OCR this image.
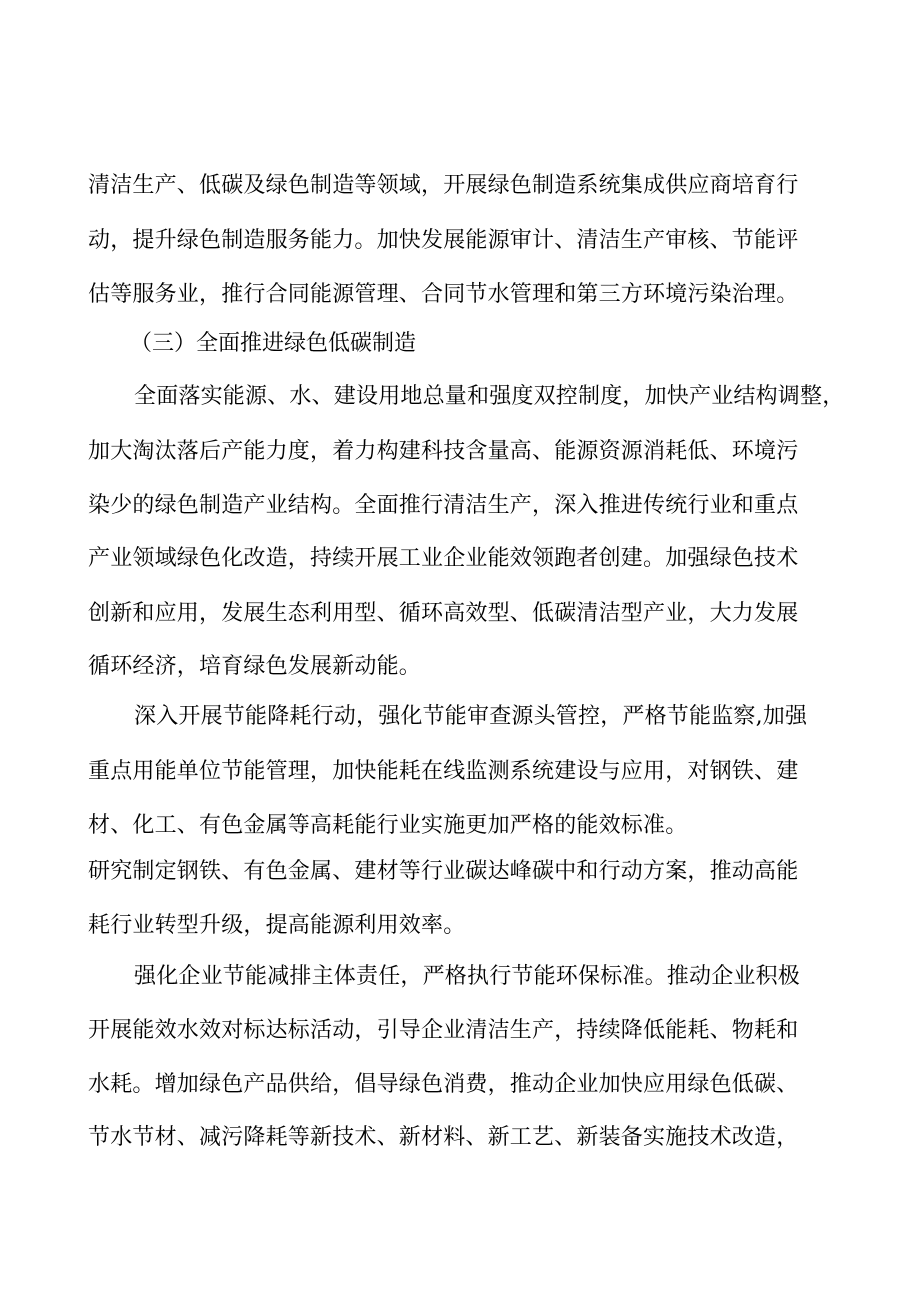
清洁生产、低碳及绿色制造等领域，开展绿色制造系统集成供应商培育行
动，提升绿色制造服务能力。加快发展能源审计、清洁生产审核、节能评
估等服务业，推行合同能源管理、合同节水管理和第三方环境污染治理。
（三）全面推进绿色低碳制造
全面落实能源、水、建设用地总量和强度双控制度，加快产业结构调整，
加大淘汰落后产能力度，着力构建科技含量高、能源资源消耗低、环境污
染少的绿色制造产业结构。全面推行清洁生产，深入推进传统行业和重点
产业领域绿色化改造，持续开展工业企业能效领跑者创建。加强绿色技术
创新和应用，发展生态利用型、循环高效型、低碳清洁型产业，大力发展
循环经济，培育绿色发展新动能。
深入开展节能降耗行动，强化节能审查源头管控，严格节能监察,加强
重点用能单位节能管理，加快能耗在线监测系统建设与应用，对钢铁、建
材、化工、有色金属等高耗能行业实施更加严格的能效标准。
研究制定钢铁、有色金属、建材等行业碳达峰碳中和行动方案，推动高能
耗行业转型升级，提高能源利用效率。
强化企业节能减排主体责任，严格执行节能环保标准。推动企业积极
开展能效水效对标达标活动，引导企业清洁生产，持续降低能耗、物耗和
水耗。增加绿色产品供给，倡导绿色消费，推动企业加快应用绿色低碳、
节水节材、减污降耗等新技术、新材料、新工艺、新装备实施技术改造，
